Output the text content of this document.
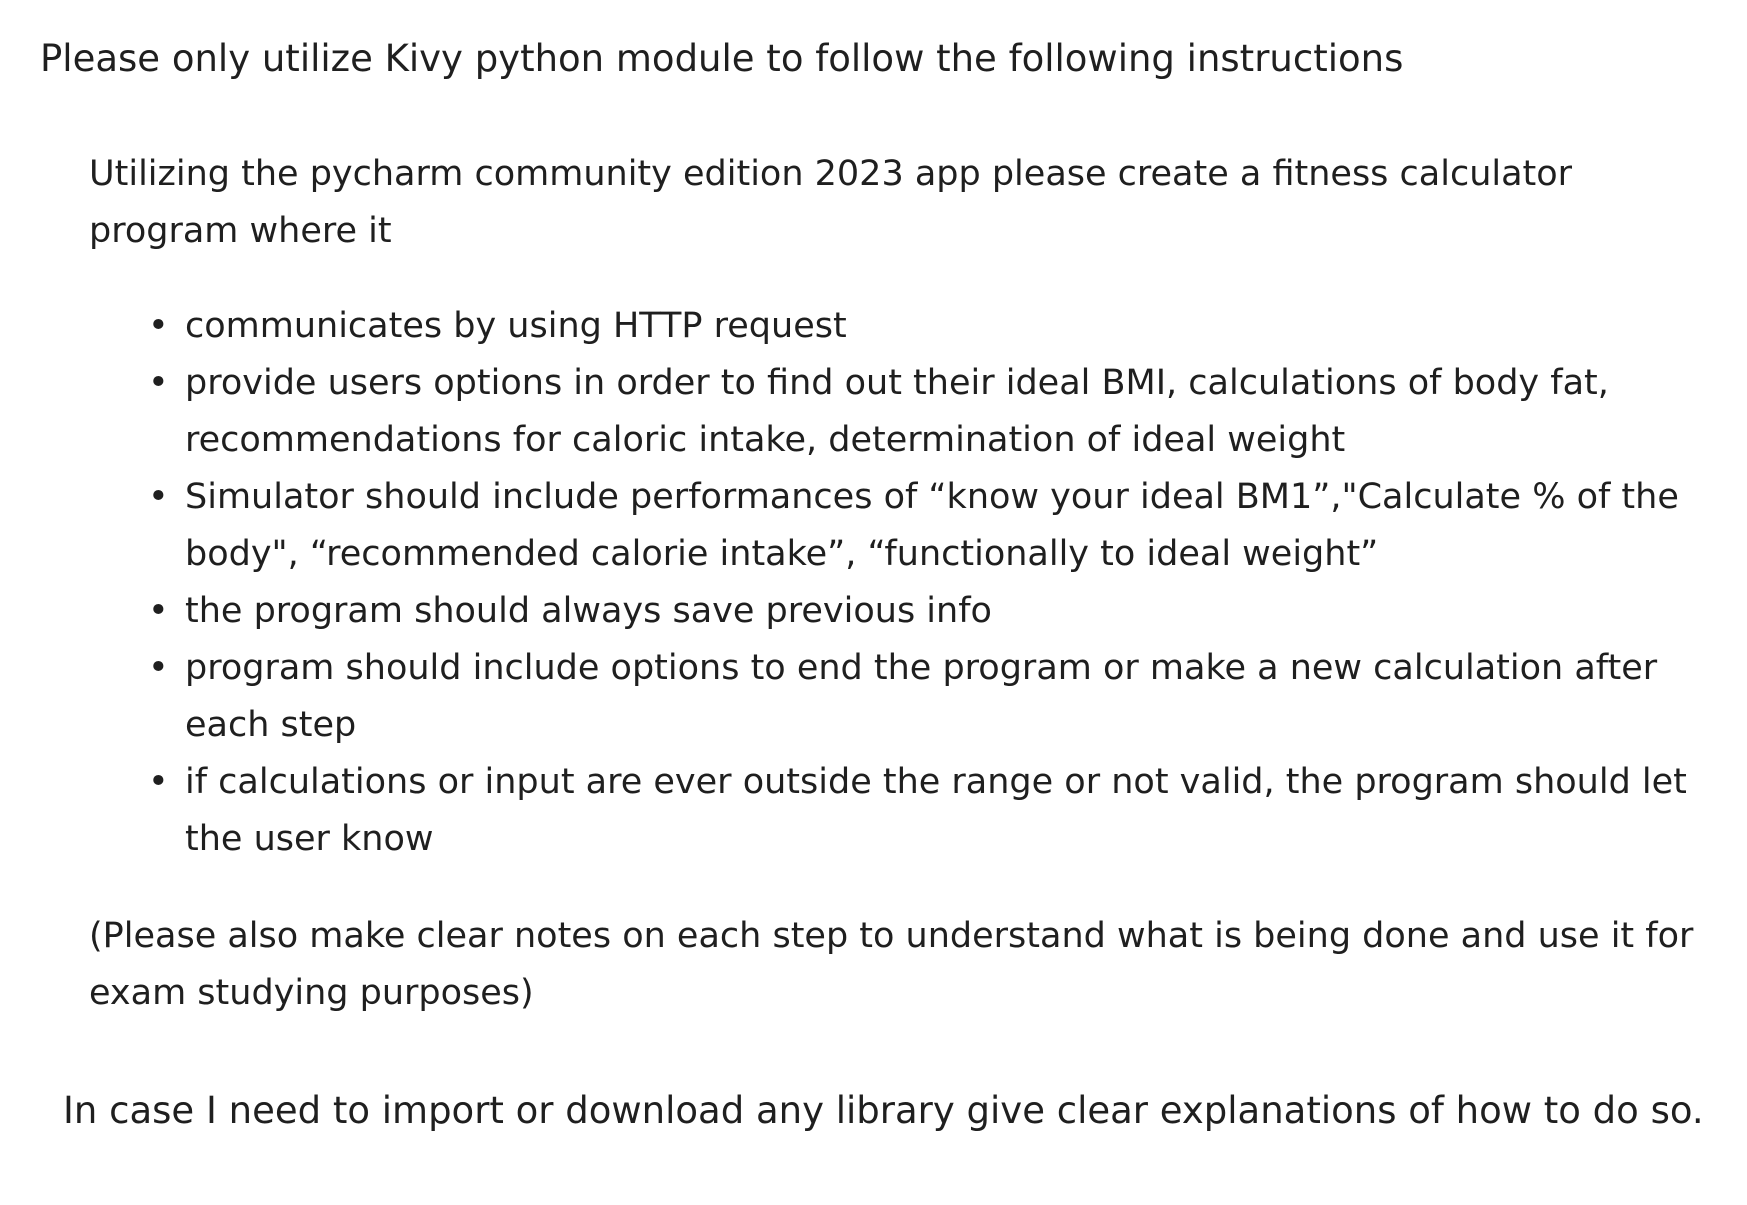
Please only utilize Kivy python module to follow the following instructions

Utilizing the pycharm community edition 2023 app please create a fitness calculator program where it

• communicates by using HTTP request
• provide users options in order to find out their ideal BMI, calculations of body fat, recommendations for caloric intake, determination of ideal weight
• Simulator should include performances of “know your ideal BM1”,"Calculate % of the body", “recommended calorie intake”, “functionally to ideal weight”
• the program should always save previous info
• program should include options to end the program or make a new calculation after each step
• if calculations or input are ever outside the range or not valid, the program should let the user know

(Please also make clear notes on each step to understand what is being done and use it for exam studying purposes)

In case I need to import or download any library give clear explanations of how to do so.
